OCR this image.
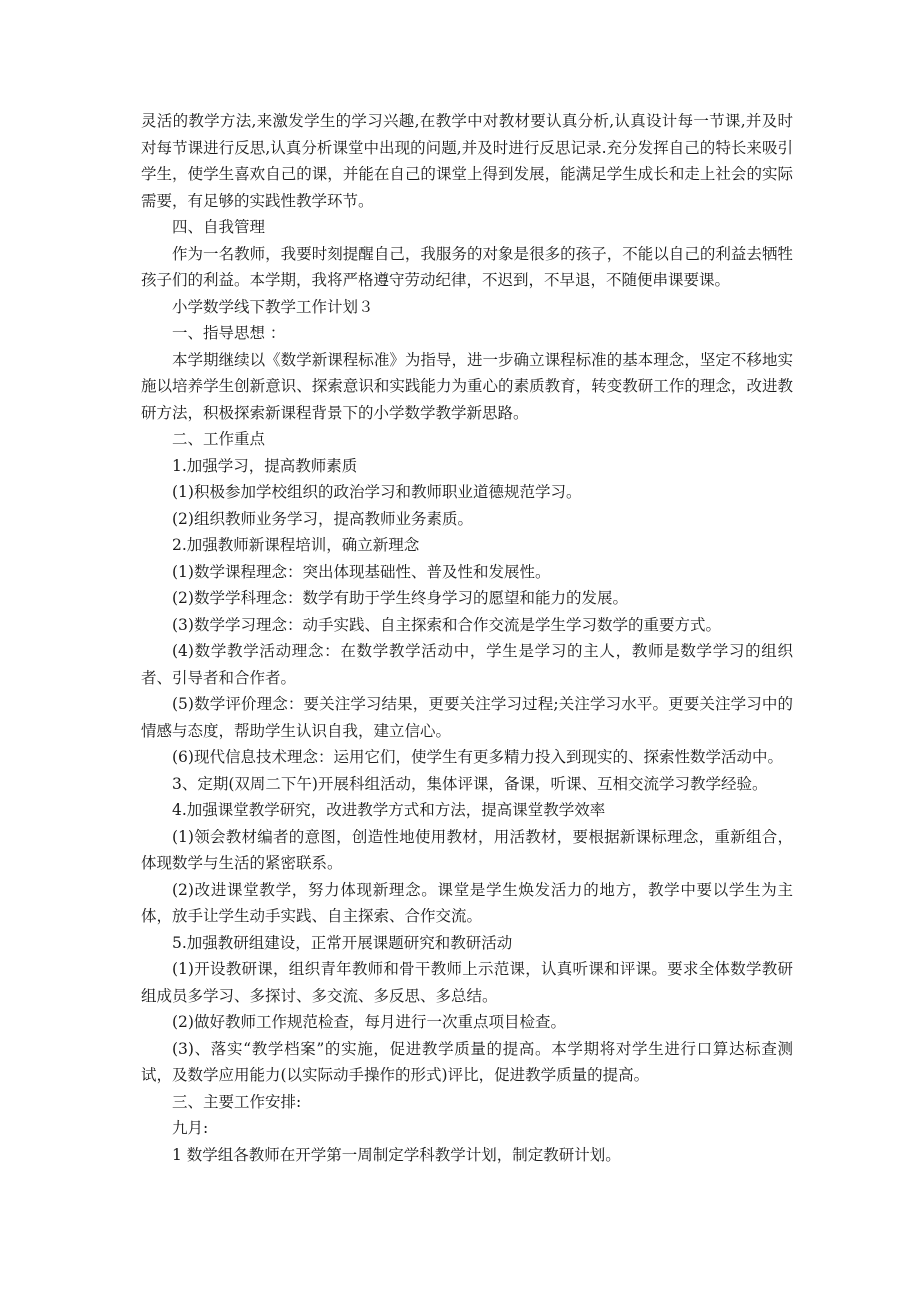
灵活的教学方法,来激发学生的学习兴趣,在教学中对教材要认真分析,认真设计每一节课,并及时对每节课进行反思,认真分析课堂中出现的问题,并及时进行反思记录.充分发挥自己的特长来吸引学生，使学生喜欢自己的课，并能在自己的课堂上得到发展，能满足学生成长和走上社会的实际需要，有足够的实践性教学环节。

四、自我管理

作为一名教师，我要时刻提醒自己，我服务的对象是很多的孩子，不能以自己的利益去牺牲孩子们的利益。本学期，我将严格遵守劳动纪律，不迟到，不早退，不随便串课要课。

小学数学线下教学工作计划３

一、指导思想 ：

本学期继续以《数学新课程标准》为指导，进一步确立课程标准的基本理念，坚定不移地实施以培养学生创新意识、探索意识和实践能力为重心的素质教育，转变教研工作的理念，改进教研方法，积极探索新课程背景下的小学数学教学新思路。

二、工作重点

1.加强学习，提高教师素质

(1)积极参加学校组织的政治学习和教师职业道德规范学习。

(2)组织教师业务学习，提高教师业务素质。

2.加强教师新课程培训，确立新理念

(1)数学课程理念：突出体现基础性、普及性和发展性。

(2)数学学科理念：数学有助于学生终身学习的愿望和能力的发展。

(3)数学学习理念：动手实践、自主探索和合作交流是学生学习数学的重要方式。

(4)数学教学活动理念：在数学教学活动中，学生是学习的主人，教师是数学学习的组织者、引导者和合作者。

(5)数学评价理念：要关注学习结果，更要关注学习过程;关注学习水平。更要关注学习中的情感与态度，帮助学生认识自我，建立信心。

(6)现代信息技术理念：运用它们，使学生有更多精力投入到现实的、探索性数学活动中。

3、定期(双周二下午)开展科组活动，集体评课，备课，听课、互相交流学习教学经验。

4.加强课堂教学研究，改进教学方式和方法，提高课堂教学效率

(1)领会教材编者的意图，创造性地使用教材，用活教材，要根据新课标理念，重新组合，体现数学与生活的紧密联系。

(2)改进课堂教学，努力体现新理念。课堂是学生焕发活力的地方，教学中要以学生为主体，放手让学生动手实践、自主探索、合作交流。

5.加强教研组建设，正常开展课题研究和教研活动

(1)开设教研课，组织青年教师和骨干教师上示范课，认真听课和评课。要求全体数学教研组成员多学习、多探讨、多交流、多反思、多总结。

(2)做好教师工作规范检查，每月进行一次重点项目检查。

(3)、落实“教学档案”的实施，促进教学质量的提高。本学期将对学生进行口算达标查测试，及数学应用能力(以实际动手操作的形式)评比，促进教学质量的提高。

三、主要工作安排:

九月:

1 数学组各教师在开学第一周制定学科教学计划，制定教研计划。
